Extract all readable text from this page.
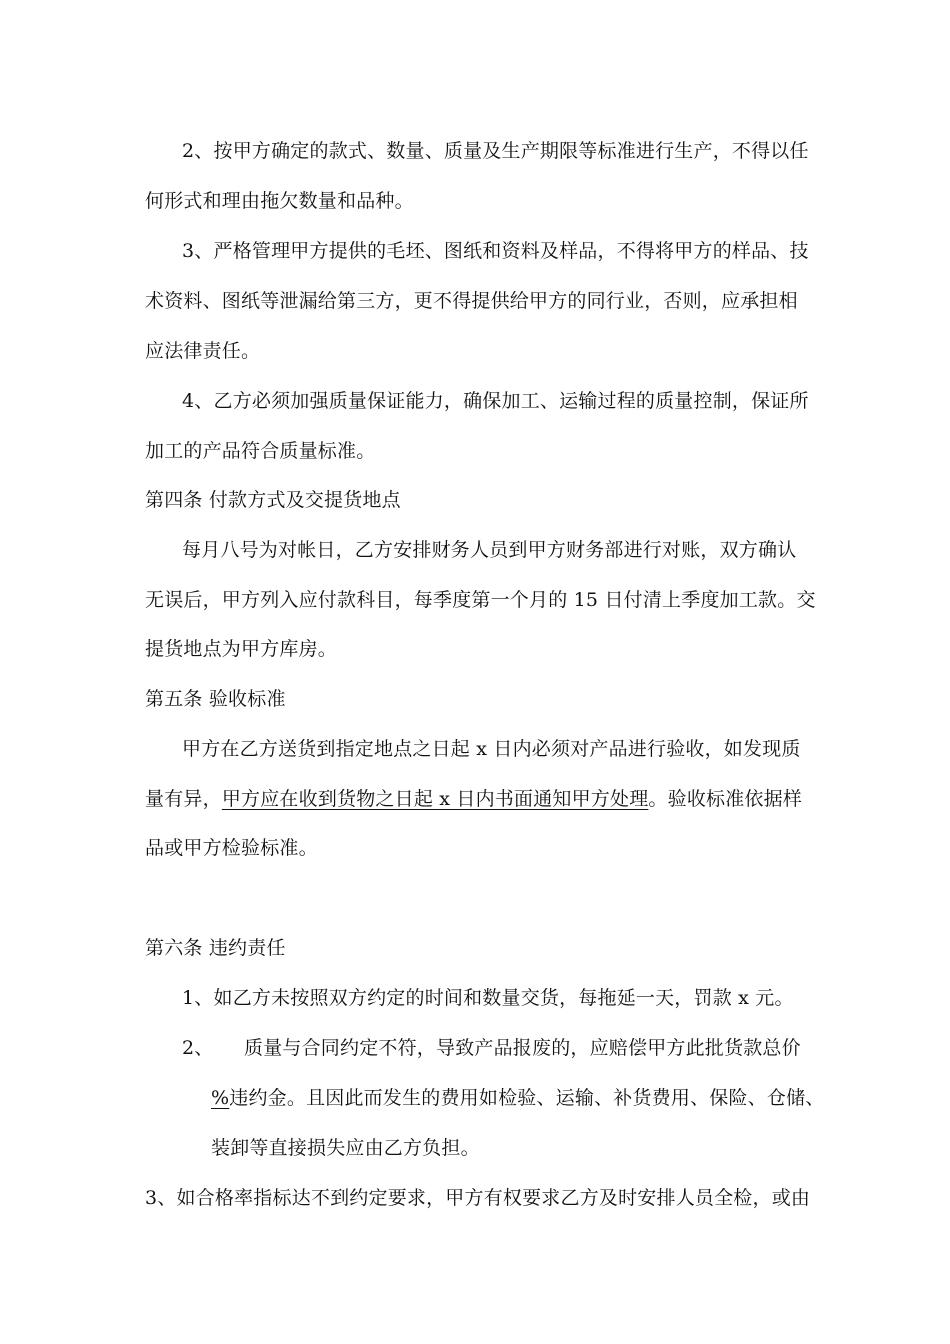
2、按甲方确定的款式、数量、质量及生产期限等标准进行生产，不得以任
何形式和理由拖欠数量和品种。
3、严格管理甲方提供的毛坯、图纸和资料及样品，不得将甲方的样品、技
术资料、图纸等泄漏给第三方，更不得提供给甲方的同行业，否则，应承担相
应法律责任。
4、乙方必须加强质量保证能力，确保加工、运输过程的质量控制，保证所
加工的产品符合质量标准。
第四条 付款方式及交提货地点
每月八号为对帐日，乙方安排财务人员到甲方财务部进行对账，双方确认
无误后，甲方列入应付款科目，每季度第一个月的 15 日付清上季度加工款。交
提货地点为甲方库房。
第五条 验收标准
甲方在乙方送货到指定地点之日起 x 日内必须对产品进行验收，如发现质
量有异，甲方应在收到货物之日起 x 日内书面通知甲方处理。验收标准依据样
品或甲方检验标准。
第六条 违约责任
1、如乙方未按照双方约定的时间和数量交货，每拖延一天，罚款 x 元。
2、 质量与合同约定不符，导致产品报废的，应赔偿甲方此批货款总价
%违约金。且因此而发生的费用如检验、运输、补货费用、保险、仓储、
装卸等直接损失应由乙方负担。
3、如合格率指标达不到约定要求，甲方有权要求乙方及时安排人员全检，或由
